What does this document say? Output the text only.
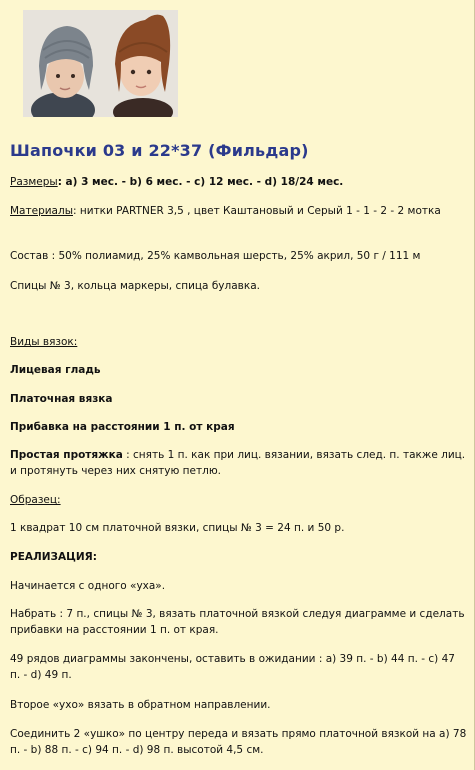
Шапочки 03 и 22*37 (Фильдар)
Размеры: а) 3 мес. - b) 6 мес. - с) 12 мес. - d) 18/24 мес.
Материалы: нитки PARTNER 3,5 , цвет Каштановый и Серый 1 - 1 - 2 - 2 мотка
Состав : 50% полиамид, 25% камвольная шерсть, 25% акрил, 50 г / 111 м
Спицы № 3, кольца маркеры, спица булавка.
Виды вязок:
Лицевая гладь
Платочная вязка
Прибавка на расстоянии 1 п. от края
Простая протяжка : снять 1 п. как при лиц. вязании, вязать след. п. также лиц. и протянуть через них снятую петлю.
Образец:
1 квадрат 10 см платочной вязки, спицы № 3 = 24 п. и 50 р.
РЕАЛИЗАЦИЯ:
Начинается с одного «уха».
Набрать : 7 п., спицы № 3, вязать платочной вязкой следуя диаграмме и сделать прибавки на расстоянии 1 п. от края.
49 рядов диаграммы закончены, оставить в ожидании : а) 39 п. - b) 44 п. - с) 47 п. - d) 49 п.
Второе «ухо» вязать в обратном направлении.
Соединить 2 «ушко» по центру переда и вязать прямо платочной вязкой на а) 78 п. - b) 88 п. - с) 94 п. - d) 98 п. высотой 4,5 см.
